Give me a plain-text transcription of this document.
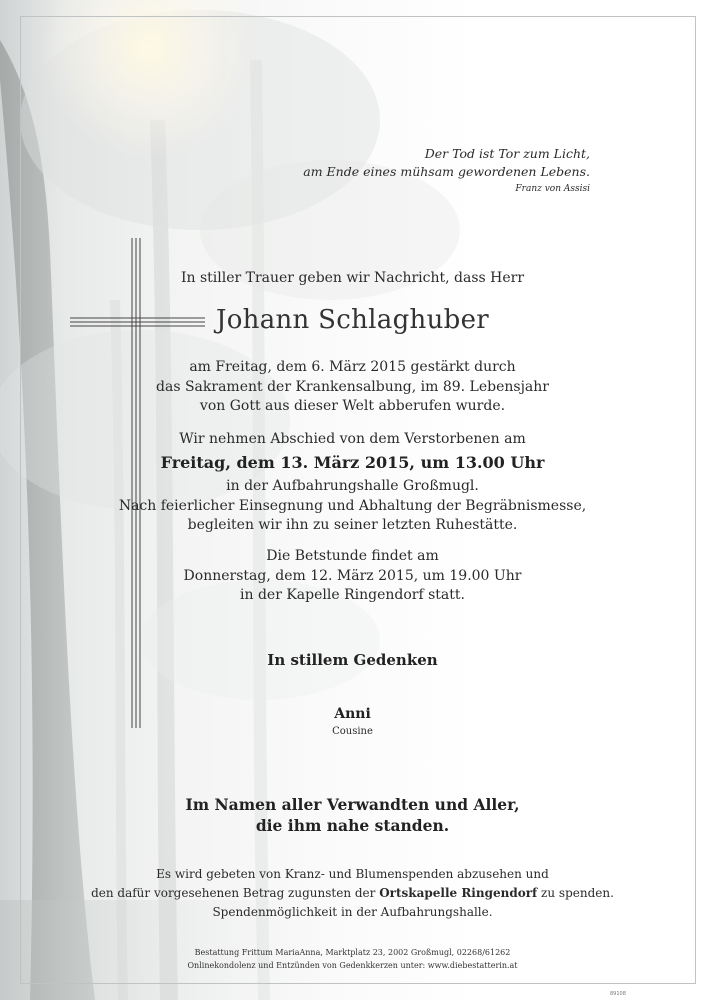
Der Tod ist Tor zum Licht,

am Ende eines mühsam gewordenen Lebens.

Franz von Assisi

In stiller Trauer geben wir Nachricht, dass Herr

Johann Schlaghuber

am Freitag, dem 6. März 2015 gestärkt durch

das Sakrament der Krankensalbung, im 89. Lebensjahr

von Gott aus dieser Welt abberufen wurde.

Wir nehmen Abschied von dem Verstorbenen am

Freitag, dem 13. März 2015, um 13.00 Uhr

in der Aufbahrungshalle Großmugl.

Nach feierlicher Einsegnung und Abhaltung der Begräbnismesse,

begleiten wir ihn zu seiner letzten Ruhestätte.

Die Betstunde findet am

Donnerstag, dem 12. März 2015, um 19.00 Uhr

in der Kapelle Ringendorf statt.

In stillem Gedenken

Anni

Cousine

Im Namen aller Verwandten und Aller,

die ihm nahe standen.

Es wird gebeten von Kranz- und Blumenspenden abzusehen und

den dafür vorgesehenen Betrag zugunsten der Ortskapelle Ringendorf zu spenden.

Spendenmöglichkeit in der Aufbahrungshalle.

Bestattung Frittum MariaAnna, Marktplatz 23, 2002 Großmugl, 02268/61262

Onlinekondolenz und Entzünden von Gedenkkerzen unter: www.diebestatterin.at

89108
